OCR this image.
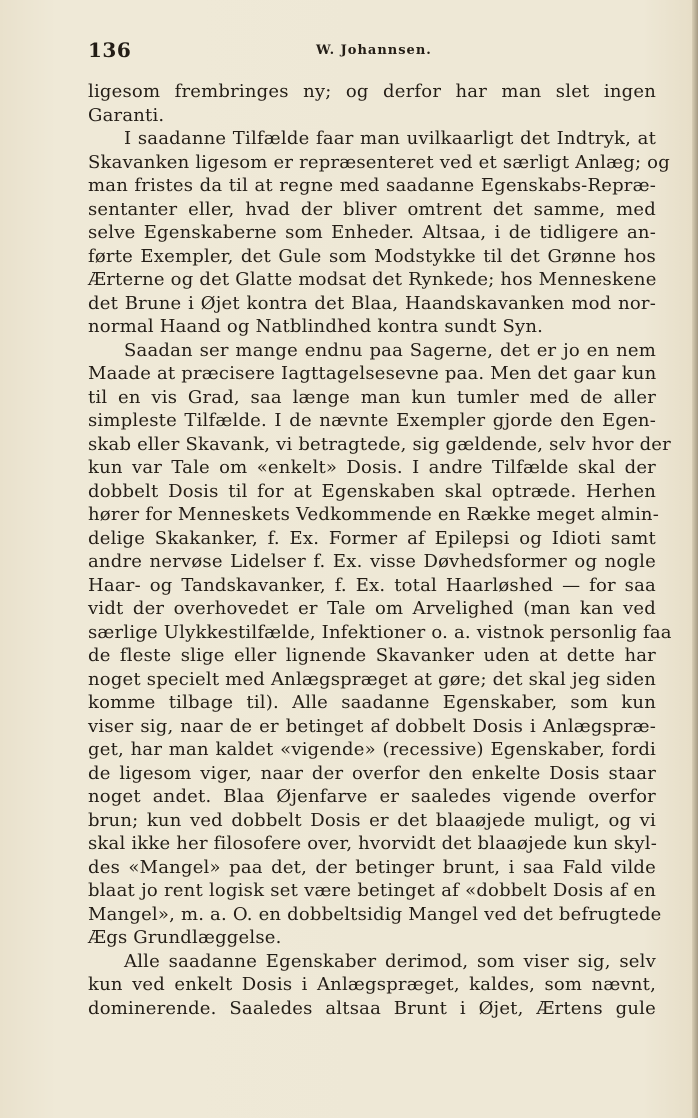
136	W. Johannsen.
ligesom frembringes ny; og derfor har man slet ingen
Garanti.
I saadanne Tilfælde faar man uvilkaarligt det Indtryk, at
Skavanken ligesom er repræsenteret ved et særligt Anlæg; og
man fristes da til at regne med saadanne Egenskabs-Repræ-
sentanter eller, hvad der bliver omtrent det samme, med
selve Egenskaberne som Enheder. Altsaa, i de tidligere an-
førte Exempler, det Gule som Modstykke til det Grønne hos
Ærterne og det Glatte modsat det Rynkede; hos Menneskene
det Brune i Øjet kontra det Blaa, Haandskavanken mod nor-
normal Haand og Natblindhed kontra sundt Syn.
Saadan ser mange endnu paa Sagerne, det er jo en nem
Maade at præcisere Iagttagelsesevne paa. Men det gaar kun
til en vis Grad, saa længe man kun tumler med de aller
simpleste Tilfælde. I de nævnte Exempler gjorde den Egen-
skab eller Skavank, vi betragtede, sig gældende, selv hvor der
kun var Tale om «enkelt» Dosis. I andre Tilfælde skal der
dobbelt Dosis til for at Egenskaben skal optræde. Herhen
hører for Menneskets Vedkommende en Række meget almin-
delige Skakanker, f. Ex. Former af Epilepsi og Idioti samt
andre nervøse Lidelser f. Ex. visse Døvhedsformer og nogle
Haar- og Tandskavanker, f. Ex. total Haarløshed — for saa
vidt der overhovedet er Tale om Arvelighed (man kan ved
særlige Ulykkestilfælde, Infektioner o. a. vistnok personlig faa
de fleste slige eller lignende Skavanker uden at dette har
noget specielt med Anlægspræget at gøre; det skal jeg siden
komme tilbage til). Alle saadanne Egenskaber, som kun
viser sig, naar de er betinget af dobbelt Dosis i Anlægspræ-
get, har man kaldet «vigende» (recessive) Egenskaber, fordi
de ligesom viger, naar der overfor den enkelte Dosis staar
noget andet. Blaa Øjenfarve er saaledes vigende overfor
brun; kun ved dobbelt Dosis er det blaaøjede muligt, og vi
skal ikke her filosofere over, hvorvidt det blaaøjede kun skyl-
des «Mangel» paa det, der betinger brunt, i saa Fald vilde
blaat jo rent logisk set være betinget af «dobbelt Dosis af en
Mangel», m. a. O. en dobbeltsidig Mangel ved det befrugtede
Ægs Grundlæggelse.
Alle saadanne Egenskaber derimod, som viser sig, selv
kun ved enkelt Dosis i Anlægspræget, kaldes, som nævnt,
dominerende. Saaledes altsaa Brunt i Øjet, Ærtens gule
